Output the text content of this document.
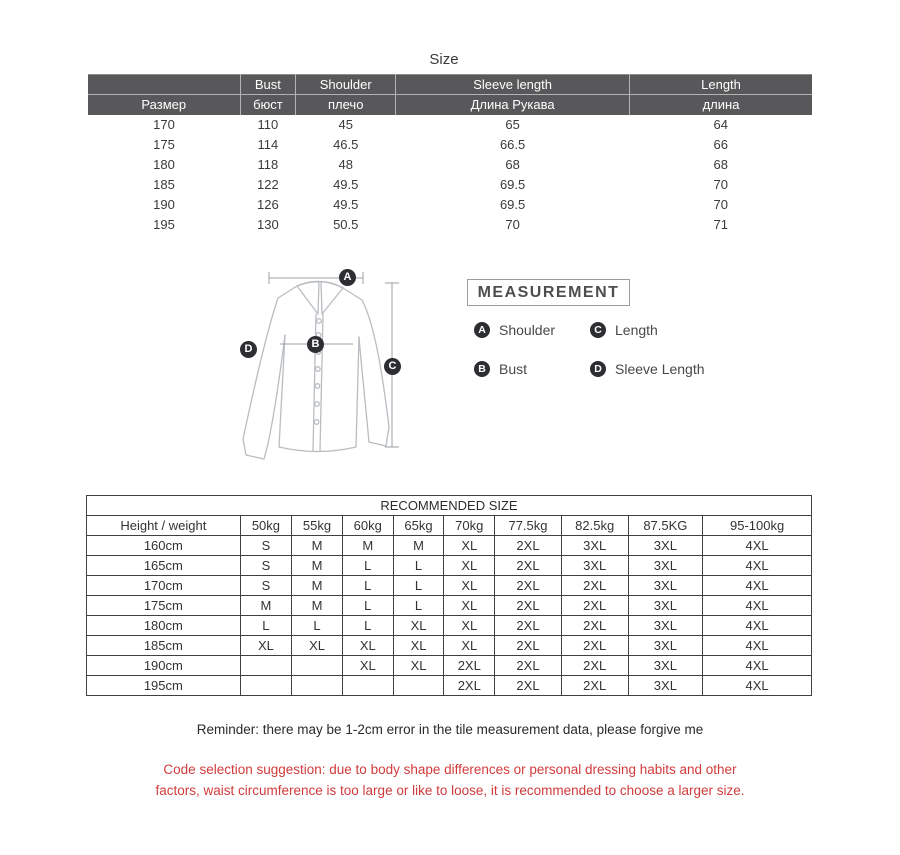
Size
	Bust	Shoulder	Sleeve length	Length
Размер	бюст	плечо	Длина Рукава	длина
170	110	45	65	64
175	114	46.5	66.5	66
180	118	48	68	68
185	122	49.5	69.5	70
190	126	49.5	69.5	70
195	130	50.5	70	71
A
B
C
D
MEASUREMENT
A Shoulder	C Length
B Bust	D Sleeve Length
RECOMMENDED SIZE									
Height / weight	50kg	55kg	60kg	65kg	70kg	77.5kg	82.5kg	87.5KG	95-100kg
160cm	S	M	M	M	XL	2XL	3XL	3XL	4XL
165cm	S	M	L	L	XL	2XL	3XL	3XL	4XL
170cm	S	M	L	L	XL	2XL	2XL	3XL	4XL
175cm	M	M	L	L	XL	2XL	2XL	3XL	4XL
180cm	L	L	L	XL	XL	2XL	2XL	3XL	4XL
185cm	XL	XL	XL	XL	XL	2XL	2XL	3XL	4XL
190cm			XL	XL	2XL	2XL	2XL	3XL	4XL
195cm					2XL	2XL	2XL	3XL	4XL
Reminder: there may be 1-2cm error in the tile measurement data, please forgive me
Code selection suggestion: due to body shape differences or personal dressing habits and other
factors, waist circumference is too large or like to loose, it is recommended to choose a larger size.
